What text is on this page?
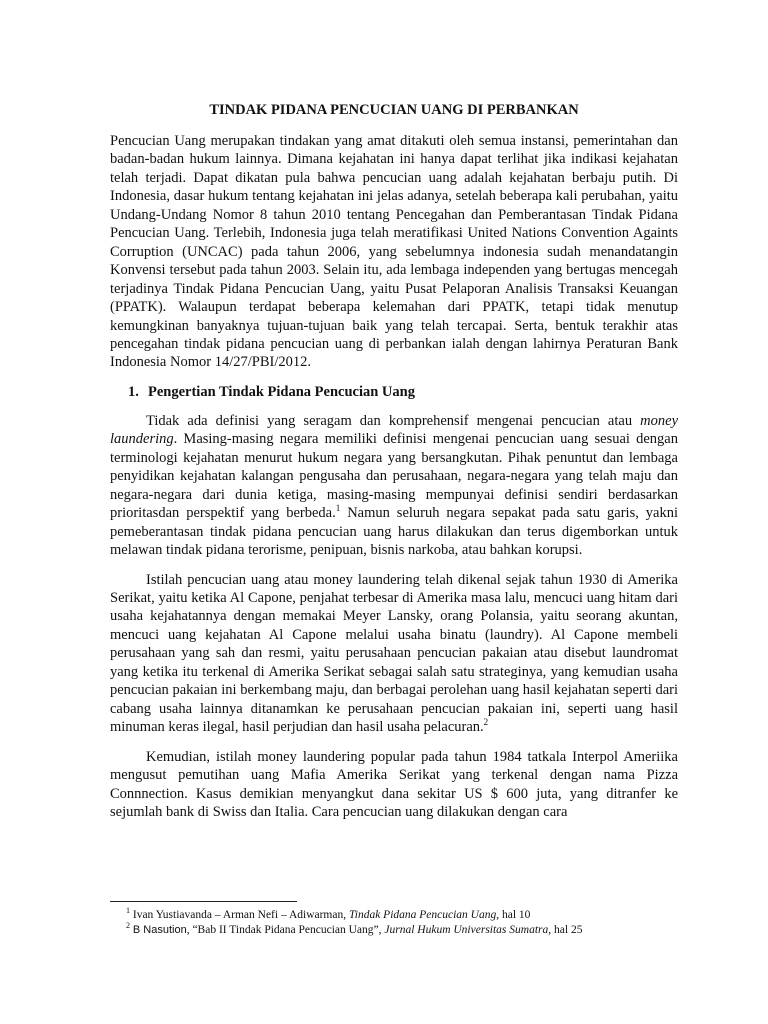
TINDAK PIDANA PENCUCIAN UANG DI PERBANKAN

Pencucian Uang merupakan tindakan yang amat ditakuti oleh semua instansi, pemerintahan dan badan-badan hukum lainnya. Dimana kejahatan ini hanya dapat terlihat jika indikasi kejahatan telah terjadi. Dapat dikatan pula bahwa pencucian uang adalah kejahatan berbaju putih. Di Indonesia, dasar hukum tentang kejahatan ini jelas adanya, setelah beberapa kali perubahan, yaitu Undang-Undang Nomor 8 tahun 2010 tentang Pencegahan dan Pemberantasan Tindak Pidana Pencucian Uang. Terlebih, Indonesia juga telah meratifikasi United Nations Convention Againts Corruption (UNCAC) pada tahun 2006, yang sebelumnya indonesia sudah menandatangin Konvensi tersebut pada tahun 2003. Selain itu, ada lembaga independen yang bertugas mencegah terjadinya Tindak Pidana Pencucian Uang, yaitu Pusat Pelaporan Analisis Transaksi Keuangan (PPATK). Walaupun terdapat beberapa kelemahan dari PPATK, tetapi tidak menutup kemungkinan banyaknya tujuan-tujuan baik yang telah tercapai. Serta, bentuk terakhir atas pencegahan tindak pidana pencucian uang di perbankan ialah dengan lahirnya Peraturan Bank Indonesia Nomor 14/27/PBI/2012.

1. Pengertian Tindak Pidana Pencucian Uang

Tidak ada definisi yang seragam dan komprehensif mengenai pencucian atau money laundering. Masing-masing negara memiliki definisi mengenai pencucian uang sesuai dengan terminologi kejahatan menurut hukum negara yang bersangkutan. Pihak penuntut dan lembaga penyidikan kejahatan kalangan pengusaha dan perusahaan, negara-negara yang telah maju dan negara-negara dari dunia ketiga, masing-masing mempunyai definisi sendiri berdasarkan prioritasdan perspektif yang berbeda.$^1$ Namun seluruh negara sepakat pada satu garis, yakni pemeberantasan tindak pidana pencucian uang harus dilakukan dan terus digemborkan untuk melawan tindak pidana terorisme, penipuan, bisnis narkoba, atau bahkan korupsi.

Istilah pencucian uang atau money laundering telah dikenal sejak tahun 1930 di Amerika Serikat, yaitu ketika Al Capone, penjahat terbesar di Amerika masa lalu, mencuci uang hitam dari usaha kejahatannya dengan memakai Meyer Lansky, orang Polansia, yaitu seorang akuntan, mencuci uang kejahatan Al Capone melalui usaha binatu (laundry). Al Capone membeli perusahaan yang sah dan resmi, yaitu perusahaan pencucian pakaian atau disebut laundromat yang ketika itu terkenal di Amerika Serikat sebagai salah satu strateginya, yang kemudian usaha pencucian pakaian ini berkembang maju, dan berbagai perolehan uang hasil kejahatan seperti dari cabang usaha lainnya ditanamkan ke perusahaan pencucian pakaian ini, seperti uang hasil minuman keras ilegal, hasil perjudian dan hasil usaha pelacuran.$^2$

Kemudian, istilah money laundering popular pada tahun 1984 tatkala Interpol Ameriika mengusut pemutihan uang Mafia Amerika Serikat yang terkenal dengan nama Pizza Connnection. Kasus demikian menyangkut dana sekitar US $ 600 juta, yang ditranfer ke sejumlah bank di Swiss dan Italia. Cara pencucian uang dilakukan dengan cara

$^1$ Ivan Yustiavanda – Arman Nefi – Adiwarman, Tindak Pidana Pencucian Uang, hal 10
$^2$ B Nasution, “Bab II Tindak Pidana Pencucian Uang”, Jurnal Hukum Universitas Sumatra, hal 25
